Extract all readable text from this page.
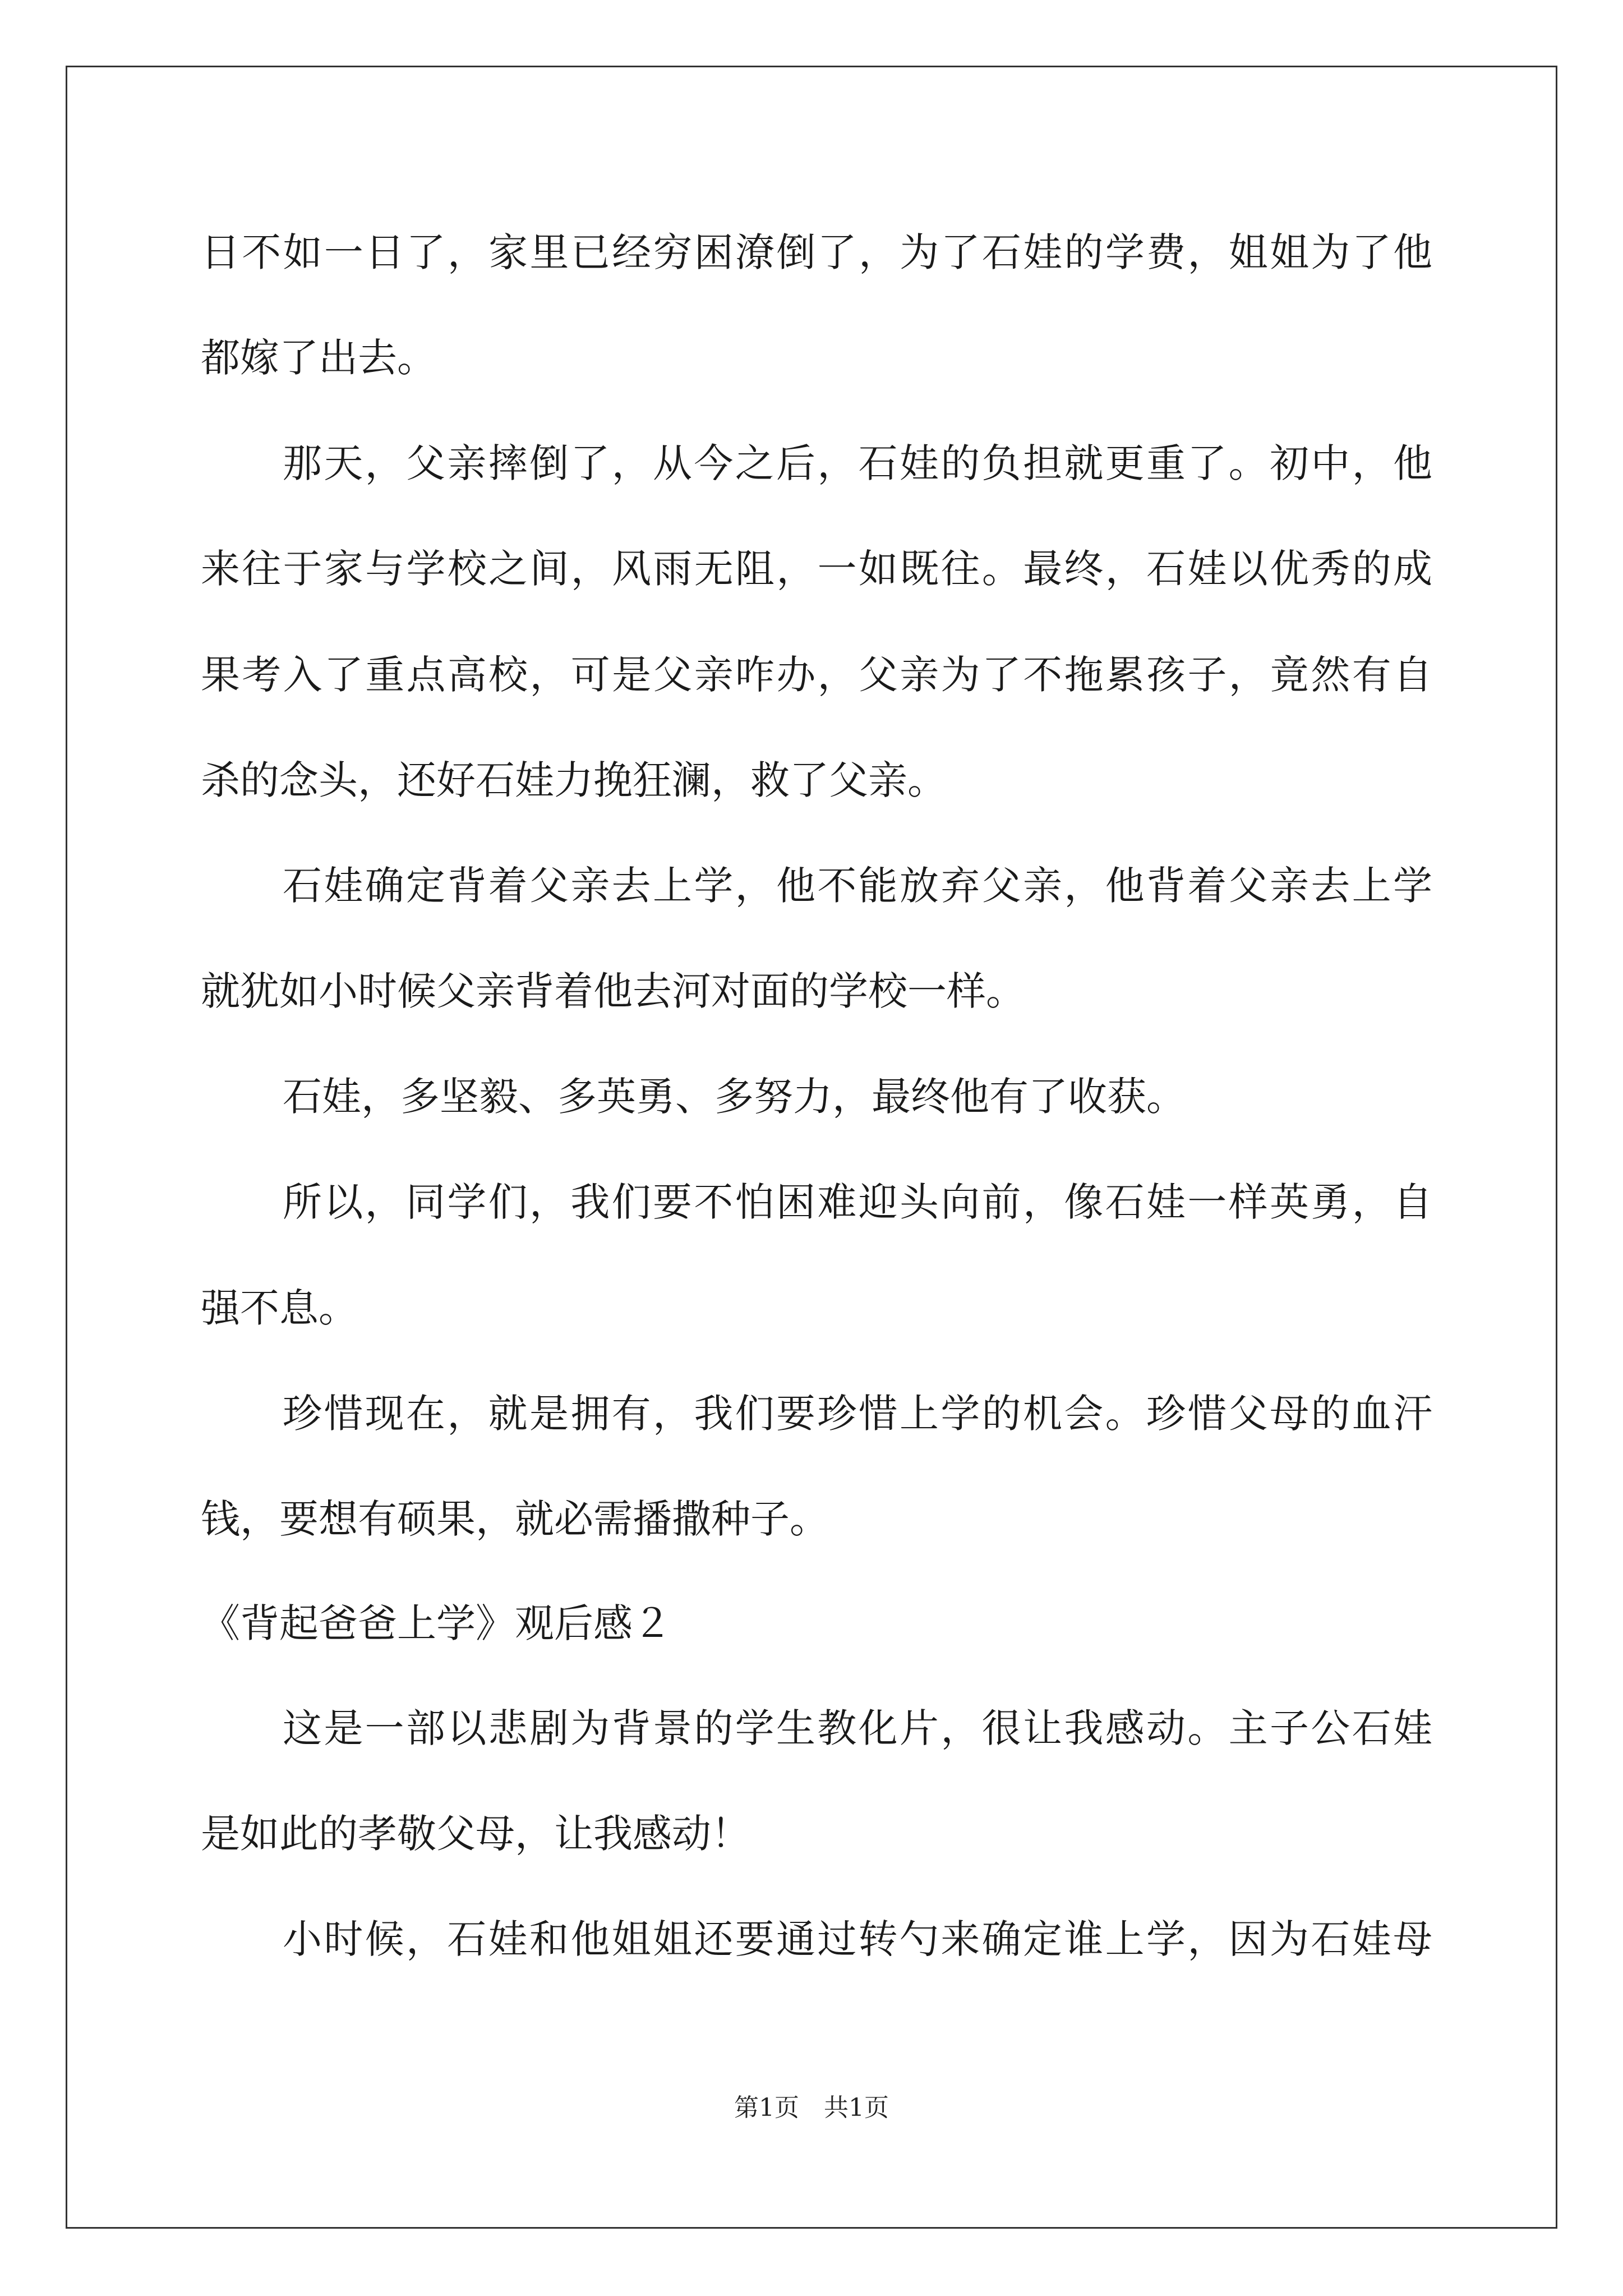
日不如一日了，家里已经穷困潦倒了，为了石娃的学费，姐姐为了他
都嫁了出去。
那天，父亲摔倒了，从今之后，石娃的负担就更重了。初中，他
来往于家与学校之间，风雨无阻，一如既往。最终，石娃以优秀的成
果考入了重点高校，可是父亲咋办，父亲为了不拖累孩子，竟然有自
杀的念头，还好石娃力挽狂澜，救了父亲。
石娃确定背着父亲去上学，他不能放弃父亲，他背着父亲去上学
就犹如小时候父亲背着他去河对面的学校一样。
石娃，多坚毅、多英勇、多努力，最终他有了收获。
所以，同学们，我们要不怕困难迎头向前，像石娃一样英勇，自
强不息。
珍惜现在，就是拥有，我们要珍惜上学的机会。珍惜父母的血汗
钱，要想有硕果，就必需播撒种子。
《背起爸爸上学》观后感２
这是一部以悲剧为背景的学生教化片，很让我感动。主子公石娃
是如此的孝敬父母，让我感动！
小时候，石娃和他姐姐还要通过转勺来确定谁上学，因为石娃母
第1页　共1页
